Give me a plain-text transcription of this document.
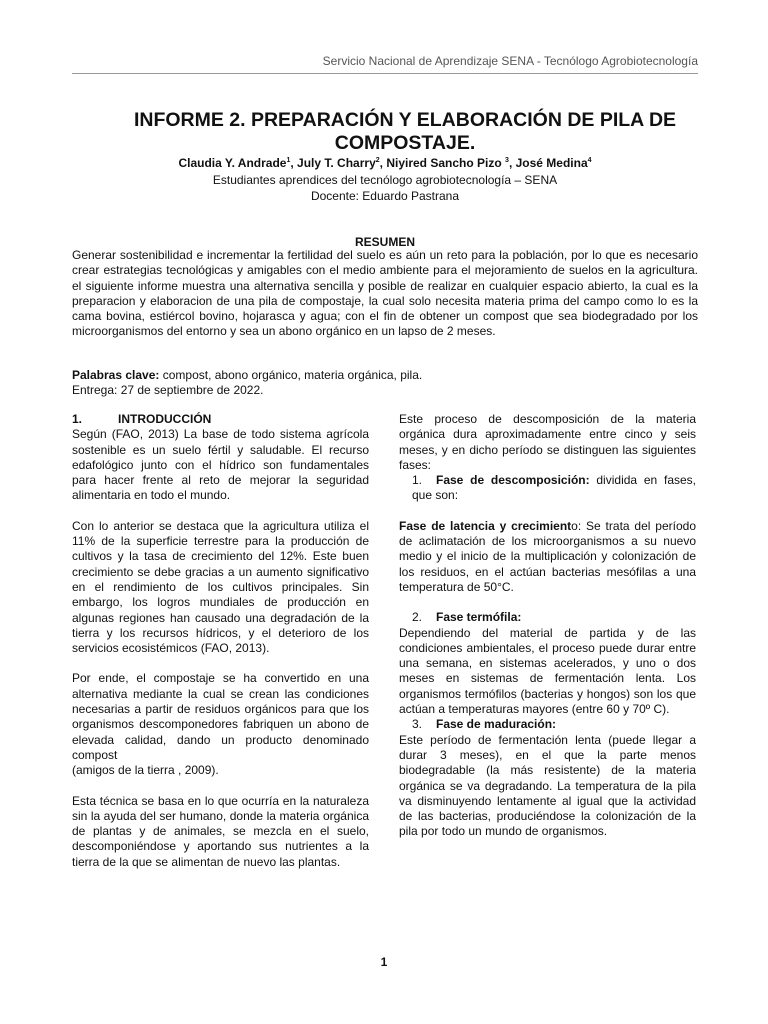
Servicio Nacional de Aprendizaje SENA - Tecnólogo Agrobiotecnología
INFORME 2. PREPARACIÓN Y ELABORACIÓN DE PILA DE COMPOSTAJE.
Claudia Y. Andrade$^1$, July T. Charry$^2$, Niyired Sancho Pizo $^3$, José Medina$^4$
Estudiantes aprendices del tecnólogo agrobiotecnología – SENA
Docente: Eduardo Pastrana
RESUMEN

Generar sostenibilidad e incrementar la fertilidad del suelo es aún un reto para la población, por lo que es necesario crear estrategias tecnológicas y amigables con el medio ambiente para el mejoramiento de suelos en la agricultura. el siguiente informe muestra una alternativa sencilla y posible de realizar en cualquier espacio abierto, la cual es la preparacion y elaboracion de una pila de compostaje, la cual solo necesita materia prima del campo como lo es la cama bovina, estiércol bovino, hojarasca y agua; con el fin de obtener un compost que sea biodegradado por los microorganismos del entorno y sea un abono orgánico en un lapso de 2 meses.

Palabras clave: compost, abono orgánico, materia orgánica, pila.
Entrega: 27 de septiembre de 2022.
1.	INTRODUCCIÓN

Según (FAO, 2013) La base de todo sistema agrícola sostenible es un suelo fértil y saludable. El recurso edafológico junto con el hídrico son fundamentales para hacer frente al reto de mejorar la seguridad alimentaria en todo el mundo.

Con lo anterior se destaca que la agricultura utiliza el 11% de la superficie terrestre para la producción de cultivos y la tasa de crecimiento del 12%. Este buen crecimiento se debe gracias a un aumento significativo en el rendimiento de los cultivos principales. Sin embargo, los logros mundiales de producción en algunas regiones han causado una degradación de la tierra y los recursos hídricos, y el deterioro de los servicios ecosistémicos (FAO, 2013).

Por ende, el compostaje se ha convertido en una alternativa mediante la cual se crean las condiciones necesarias a partir de residuos orgánicos para que los organismos descomponedores fabriquen un abono de elevada calidad, dando un producto denominado compost
(amigos de la tierra , 2009).

Esta técnica se basa en lo que ocurría en la naturaleza sin la ayuda del ser humano, donde la materia orgánica de plantas y de animales, se mezcla en el suelo, descomponiéndose y aportando sus nutrientes a la tierra de la que se alimentan de nuevo las plantas.

Este proceso de descomposición de la materia orgánica dura aproximadamente entre cinco y seis meses, y en dicho período se distinguen las siguientes fases:
1. Fase de descomposición: dividida en fases, que son:

Fase de latencia y crecimiento: Se trata del período de aclimatación de los microorganismos a su nuevo medio y el inicio de la multiplicación y colonización de los residuos, en el actúan bacterias mesófilas a una temperatura de 50°C.

2. Fase termófila:
Dependiendo del material de partida y de las condiciones ambientales, el proceso puede durar entre una semana, en sistemas acelerados, y uno o dos meses en sistemas de fermentación lenta. Los organismos termófilos (bacterias y hongos) son los que actúan a temperaturas mayores (entre 60 y 70º C).
3. Fase de maduración:
Este período de fermentación lenta (puede llegar a durar 3 meses), en el que la parte menos biodegradable (la más resistente) de la materia orgánica se va degradando. La temperatura de la pila va disminuyendo lentamente al igual que la actividad de las bacterias, produciéndose la colonización de la pila por todo un mundo de organismos.
1
